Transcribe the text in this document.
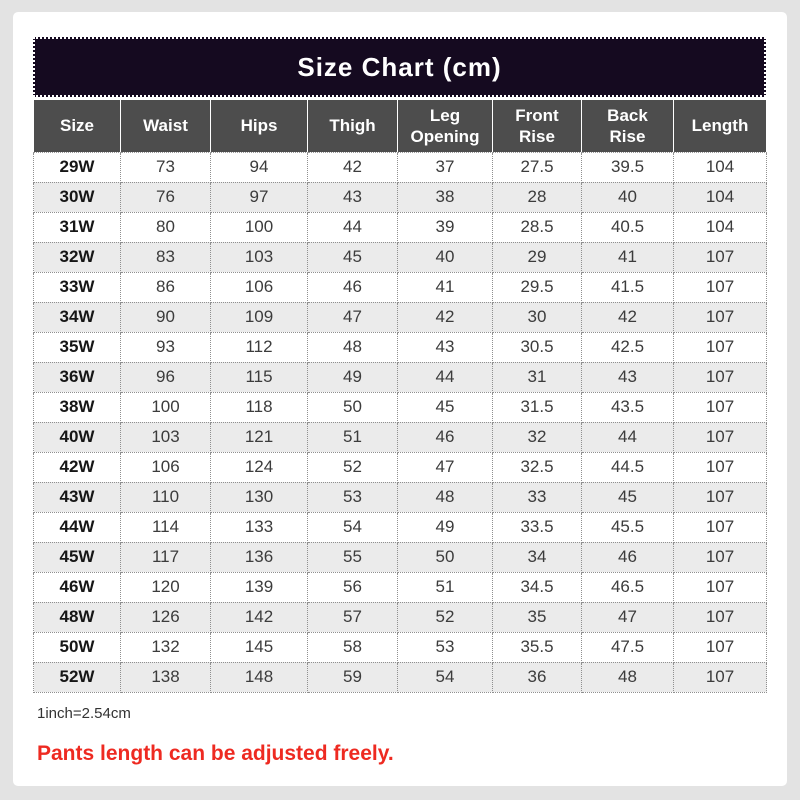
Size Chart (cm)
Size	Waist	Hips	Thigh	Leg Opening	Front Rise	Back Rise	Length
29W	73	94	42	37	27.5	39.5	104
30W	76	97	43	38	28	40	104
31W	80	100	44	39	28.5	40.5	104
32W	83	103	45	40	29	41	107
33W	86	106	46	41	29.5	41.5	107
34W	90	109	47	42	30	42	107
35W	93	112	48	43	30.5	42.5	107
36W	96	115	49	44	31	43	107
38W	100	118	50	45	31.5	43.5	107
40W	103	121	51	46	32	44	107
42W	106	124	52	47	32.5	44.5	107
43W	110	130	53	48	33	45	107
44W	114	133	54	49	33.5	45.5	107
45W	117	136	55	50	34	46	107
46W	120	139	56	51	34.5	46.5	107
48W	126	142	57	52	35	47	107
50W	132	145	58	53	35.5	47.5	107
52W	138	148	59	54	36	48	107
1inch=2.54cm
Pants length can be adjusted freely.
